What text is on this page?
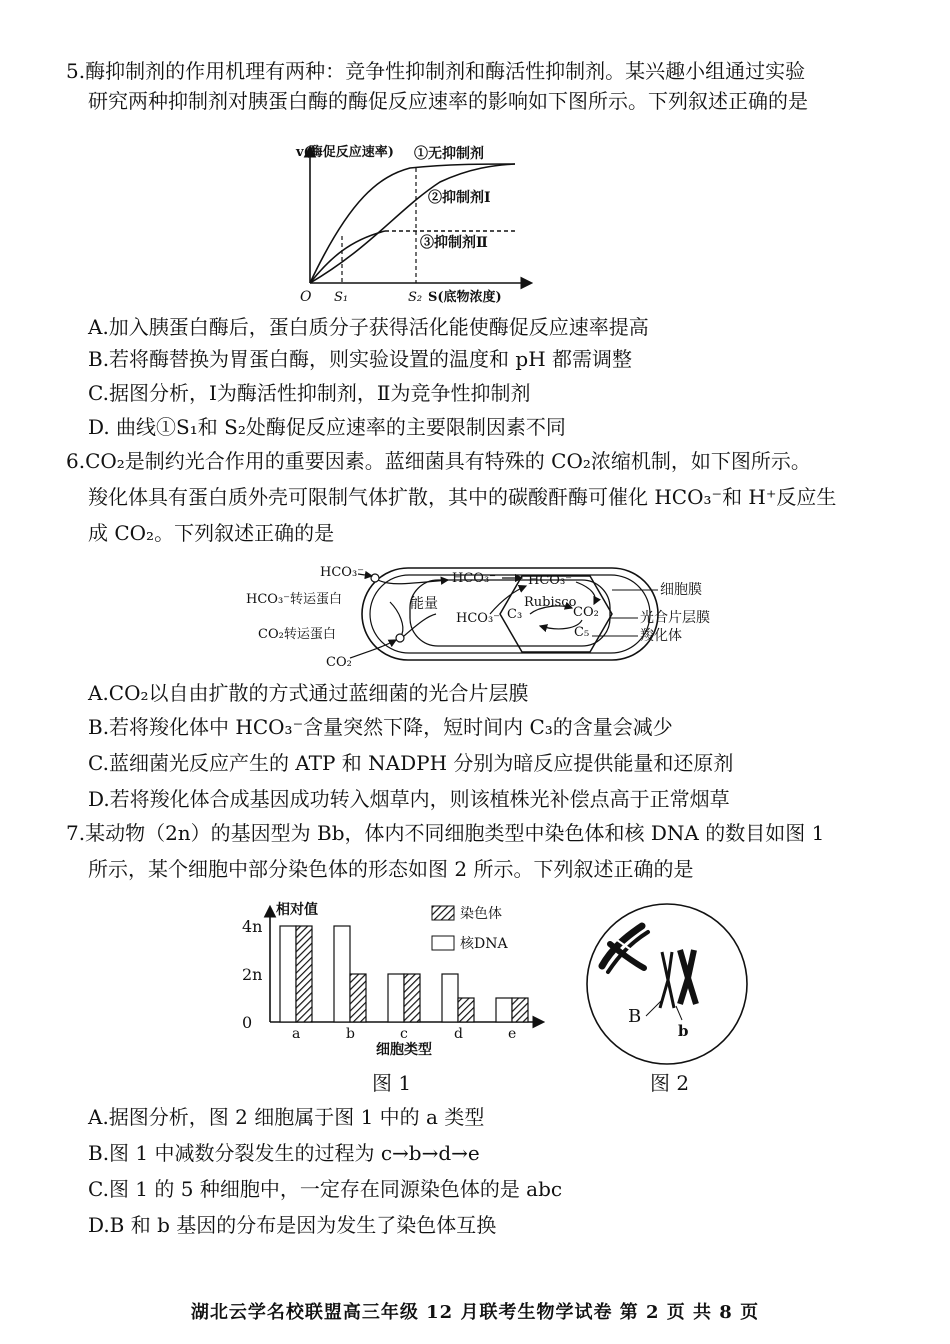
5.酶抑制剂的作用机理有两种：竞争性抑制剂和酶活性抑制剂。某兴趣小组通过实验
研究两种抑制剂对胰蛋白酶的酶促反应速率的影响如下图所示。下列叙述正确的是
v(酶促反应速率) ①无抑制剂
②抑制剂Ⅰ
③抑制剂Ⅱ
O S₁	S₂ S(底物浓度)
A.加入胰蛋白酶后，蛋白质分子获得活化能使酶促反应速率提高
B.若将酶替换为胃蛋白酶，则实验设置的温度和 pH 都需调整
C.据图分析，Ⅰ为酶活性抑制剂，Ⅱ为竞争性抑制剂
D. 曲线①S₁和 S₂处酶促反应速率的主要限制因素不同
6.CO₂是制约光合作用的重要因素。蓝细菌具有特殊的 CO₂浓缩机制，如下图所示。
羧化体具有蛋白质外壳可限制气体扩散，其中的碳酸酐酶可催化 HCO₃⁻和 H⁺反应生
成 CO₂。下列叙述正确的是
HCO₃⁻
HCO₃⁻转运蛋白
CO₂转运蛋白
CO₂
能量
HCO₃⁻
HCO₃⁻ HCO₃⁻
C₃
Rubisco
CO₂
C₅
细胞膜
光合片层膜
羧化体
A.CO₂以自由扩散的方式通过蓝细菌的光合片层膜
B.若将羧化体中 HCO₃⁻含量突然下降，短时间内 C₃的含量会减少
C.蓝细菌光反应产生的 ATP 和 NADPH 分别为暗反应提供能量和还原剂
D.若将羧化体合成基因成功转入烟草内，则该植株光补偿点高于正常烟草
7.某动物（2n）的基因型为 Bb，体内不同细胞类型中染色体和核 DNA 的数目如图 1
所示，某个细胞中部分染色体的形态如图 2 所示。下列叙述正确的是
相对值
细胞类型
0
2n
4n
a	b	c	d	e
染色体
核DNA
图 1
B
b
图 2
A.据图分析，图 2 细胞属于图 1 中的 a 类型
B.图 1 中减数分裂发生的过程为 c→b→d→e
C.图 1 的 5 种细胞中，一定存在同源染色体的是 abc
D.B 和 b 基因的分布是因为发生了染色体互换
湖北云学名校联盟高三年级 12 月联考生物学试卷 第 2 页 共 8 页
